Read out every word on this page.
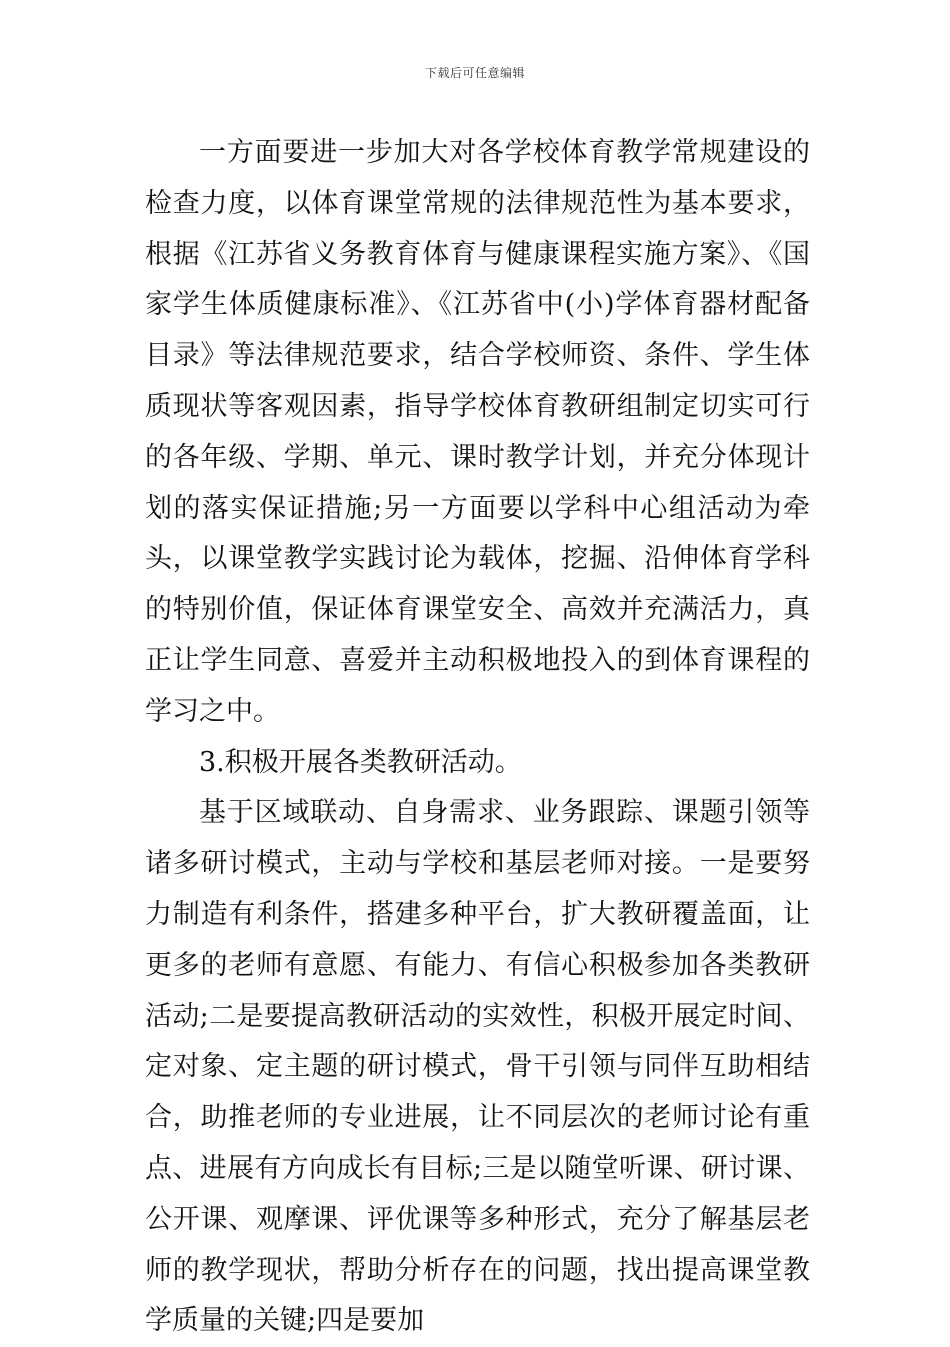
下载后可任意编辑

一方面要进一步加大对各学校体育教学常规建设的检查力度，以体育课堂常规的法律规范性为基本要求，根据《江苏省义务教育体育与健康课程实施方案》、《国家学生体质健康标准》、《江苏省中(小)学体育器材配备目录》等法律规范要求，结合学校师资、条件、学生体质现状等客观因素，指导学校体育教研组制定切实可行的各年级、学期、单元、课时教学计划，并充分体现计划的落实保证措施;另一方面要以学科中心组活动为牵头，以课堂教学实践讨论为载体，挖掘、沿伸体育学科的特别价值，保证体育课堂安全、高效并充满活力，真正让学生同意、喜爱并主动积极地投入的到体育课程的学习之中。

3.积极开展各类教研活动。

基于区域联动、自身需求、业务跟踪、课题引领等诸多研讨模式，主动与学校和基层老师对接。一是要努力制造有利条件，搭建多种平台，扩大教研覆盖面，让更多的老师有意愿、有能力、有信心积极参加各类教研活动;二是要提高教研活动的实效性，积极开展定时间、定对象、定主题的研讨模式，骨干引领与同伴互助相结合，助推老师的专业进展，让不同层次的老师讨论有重点、进展有方向成长有目标;三是以随堂听课、研讨课、公开课、观摩课、评优课等多种形式，充分了解基层老师的教学现状，帮助分析存在的问题，找出提高课堂教学质量的关键;四是要加
